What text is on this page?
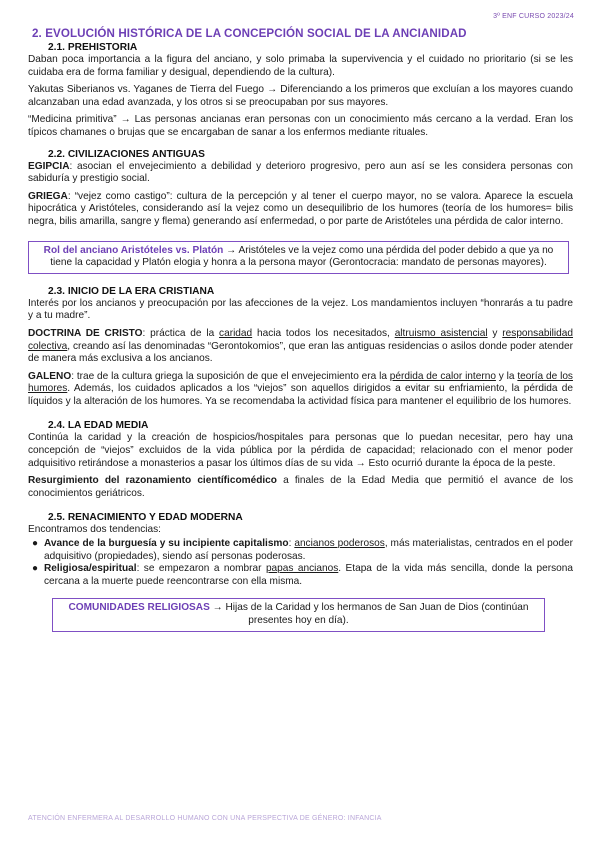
3º ENF CURSO 2023/24
2. EVOLUCIÓN HISTÓRICA DE LA CONCEPCIÓN SOCIAL DE LA ANCIANIDAD
2.1. PREHISTORIA

Daban poca importancia a la figura del anciano, y solo primaba la supervivencia y el cuidado no prioritario (si se les cuidaba era de forma familiar y desigual, dependiendo de la cultura).

Yakutas Siberianos vs. Yaganes de Tierra del Fuego → Diferenciando a los primeros que excluían a los mayores cuando alcanzaban una edad avanzada, y los otros si se preocupaban por sus mayores.

“Medicina primitiva” → Las personas ancianas eran personas con un conocimiento más cercano a la verdad. Eran los típicos chamanes o brujas que se encargaban de sanar a los enfermos mediante rituales.

2.2. CIVILIZACIONES ANTIGUAS

EGIPCIA: asocian el envejecimiento a debilidad y deterioro progresivo, pero aun así se les considera personas con sabiduría y prestigio social.

GRIEGA: “vejez como castigo”: cultura de la percepción y al tener el cuerpo mayor, no se valora. Aparece la escuela hipocrática y Aristóteles, considerando así la vejez como un desequilibrio de los humores (teoría de los humores= bilis negra, bilis amarilla, sangre y flema) generando así enfermedad, o por parte de Aristóteles una pérdida de calor interno.

Rol del anciano Aristóteles vs. Platón → Aristóteles ve la vejez como una pérdida del poder debido a que ya no tiene la capacidad y Platón elogia y honra a la persona mayor (Gerontocracia: mandato de personas mayores).
2.3. INICIO DE LA ERA CRISTIANA

Interés por los ancianos y preocupación por las afecciones de la vejez. Los mandamientos incluyen “honrarás a tu padre y a tu madre”.

DOCTRINA DE CRISTO: práctica de la caridad hacia todos los necesitados, altruismo asistencial y responsabilidad colectiva, creando así las denominadas “Gerontokomios”, que eran las antiguas residencias o asilos donde poder atender de manera más exclusiva a los ancianos.

GALENO: trae de la cultura griega la suposición de que el envejecimiento era la pérdida de calor interno y la teoría de los humores. Además, los cuidados aplicados a los “viejos” son aquellos dirigidos a evitar su enfriamiento, la pérdida de líquidos y la alteración de los humores. Ya se recomendaba la actividad física para mantener el equilibrio de los humores.

2.4. LA EDAD MEDIA

Continúa la caridad y la creación de hospicios/hospitales para personas que lo puedan necesitar, pero hay una concepción de “viejos” excluidos de la vida pública por la pérdida de capacidad; relacionado con el menor poder adquisitivo retirándose a monasterios a pasar los últimos días de su vida → Esto ocurrió durante la época de la peste.

Resurgimiento del razonamiento científicomédico a finales de la Edad Media que permitió el avance de los conocimientos geriátricos.

2.5. RENACIMIENTO Y EDAD MODERNA

Encontramos dos tendencias:

● Avance de la burguesía y su incipiente capitalismo: ancianos poderosos, más materialistas, centrados en el poder adquisitivo (propiedades), siendo así personas poderosas.
● Religiosa/espiritual: se empezaron a nombrar papas ancianos. Etapa de la vida más sencilla, donde la persona cercana a la muerte puede reencontrarse con ella misma.
COMUNIDADES RELIGIOSAS → Hijas de la Caridad y los hermanos de San Juan de Dios (continúan presentes hoy en día).
ATENCIÓN ENFERMERA AL DESARROLLO HUMANO CON UNA PERSPECTIVA DE GÉNERO: INFANCIA
